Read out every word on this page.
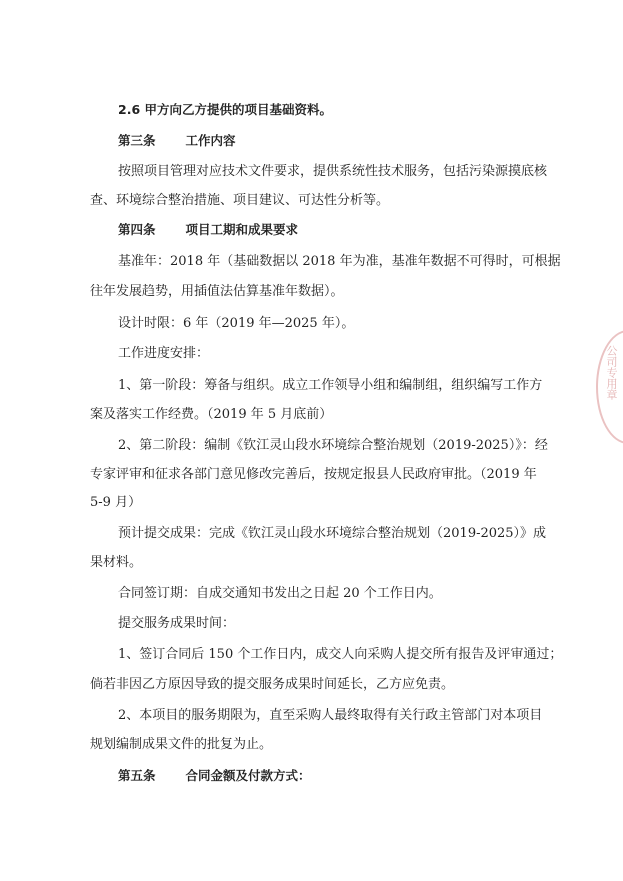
2.6 甲方向乙方提供的项目基础资料。
第三条 工作内容
按照项目管理对应技术文件要求，提供系统性技术服务，包括污染源摸底核
查、环境综合整治措施、项目建议、可达性分析等。
第四条 项目工期和成果要求
基准年：2018 年（基础数据以 2018 年为准，基准年数据不可得时，可根据
往年发展趋势，用插值法估算基准年数据）。
设计时限：6 年（2019 年—2025 年）。
工作进度安排：
1、第一阶段：筹备与组织。成立工作领导小组和编制组，组织编写工作方
案及落实工作经费。（2019 年 5 月底前）
2、第二阶段：编制《钦江灵山段水环境综合整治规划（2019-2025）》：经
专家评审和征求各部门意见修改完善后，按规定报县人民政府审批。（2019 年
5-9 月）
预计提交成果：完成《钦江灵山段水环境综合整治规划（2019-2025）》成
果材料。
合同签订期：自成交通知书发出之日起 20 个工作日内。
提交服务成果时间：
1、签订合同后 150 个工作日内，成交人向采购人提交所有报告及评审通过；
倘若非因乙方原因导致的提交服务成果时间延长，乙方应免责。
2、本项目的服务期限为，直至采购人最终取得有关行政主管部门对本项目
规划编制成果文件的批复为止。
第五条 合同金额及付款方式：
公司专用章
